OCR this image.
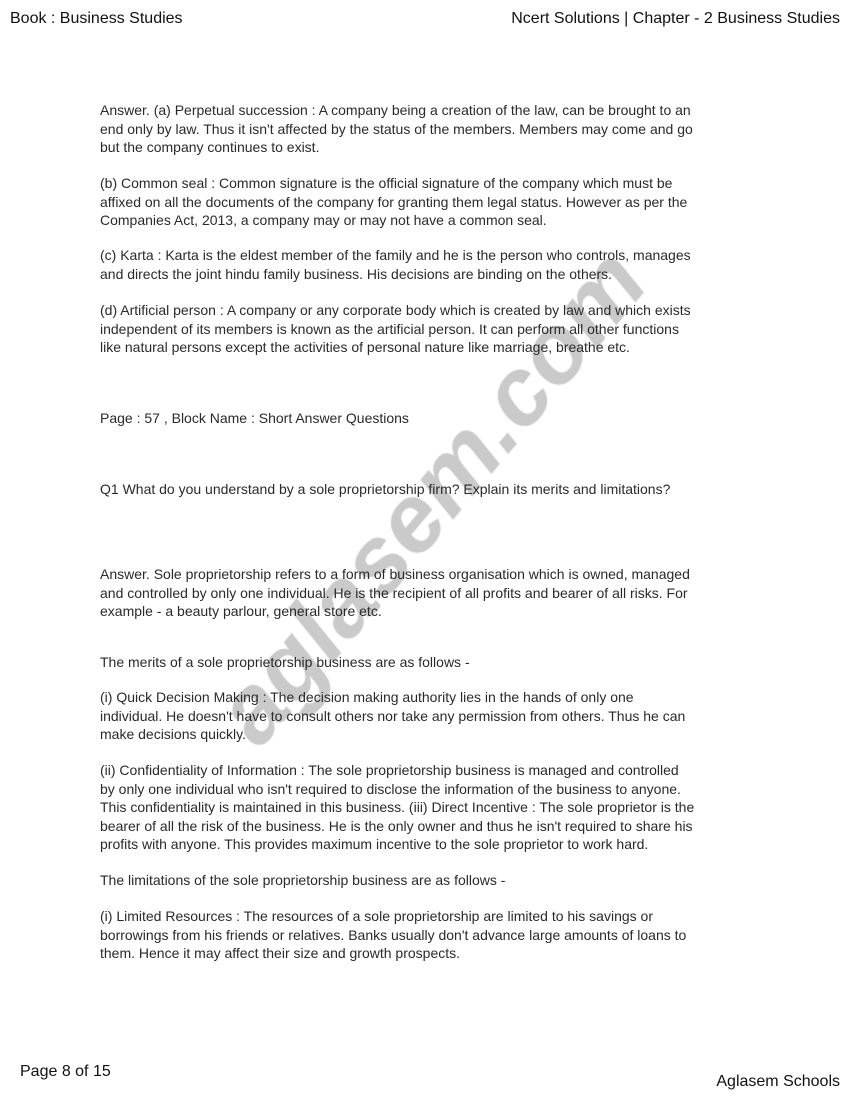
Book : Business Studies	Ncert Solutions | Chapter - 2 Business Studies
Answer. (a) Perpetual succession : A company being a creation of the law, can be brought to an
end only by law. Thus it isn't affected by the status of the members. Members may come and go
but the company continues to exist.
(b) Common seal : Common signature is the official signature of the company which must be
affixed on all the documents of the company for granting them legal status. However as per the
Companies Act, 2013, a company may or may not have a common seal.
(c) Karta : Karta is the eldest member of the family and he is the person who controls, manages
and directs the joint hindu family business. His decisions are binding on the others.
(d) Artificial person : A company or any corporate body which is created by law and which exists
independent of its members is known as the artificial person. It can perform all other functions
like natural persons except the activities of personal nature like marriage, breathe etc.
Page : 57 , Block Name : Short Answer Questions
Q1 What do you understand by a sole proprietorship firm? Explain its merits and limitations?
Answer. Sole proprietorship refers to a form of business organisation which is owned, managed
and controlled by only one individual. He is the recipient of all profits and bearer of all risks. For
example - a beauty parlour, general store etc.
The merits of a sole proprietorship business are as follows -
(i) Quick Decision Making : The decision making authority lies in the hands of only one
individual. He doesn't have to consult others nor take any permission from others. Thus he can
make decisions quickly.
(ii) Confidentiality of Information : The sole proprietorship business is managed and controlled
by only one individual who isn't required to disclose the information of the business to anyone.
This confidentiality is maintained in this business. (iii) Direct Incentive : The sole proprietor is the
bearer of all the risk of the business. He is the only owner and thus he isn't required to share his
profits with anyone. This provides maximum incentive to the sole proprietor to work hard.
The limitations of the sole proprietorship business are as follows -
(i) Limited Resources : The resources of a sole proprietorship are limited to his savings or
borrowings from his friends or relatives. Banks usually don't advance large amounts of loans to
them. Hence it may affect their size and growth prospects.
Page 8 of 15
Aglasem Schools
